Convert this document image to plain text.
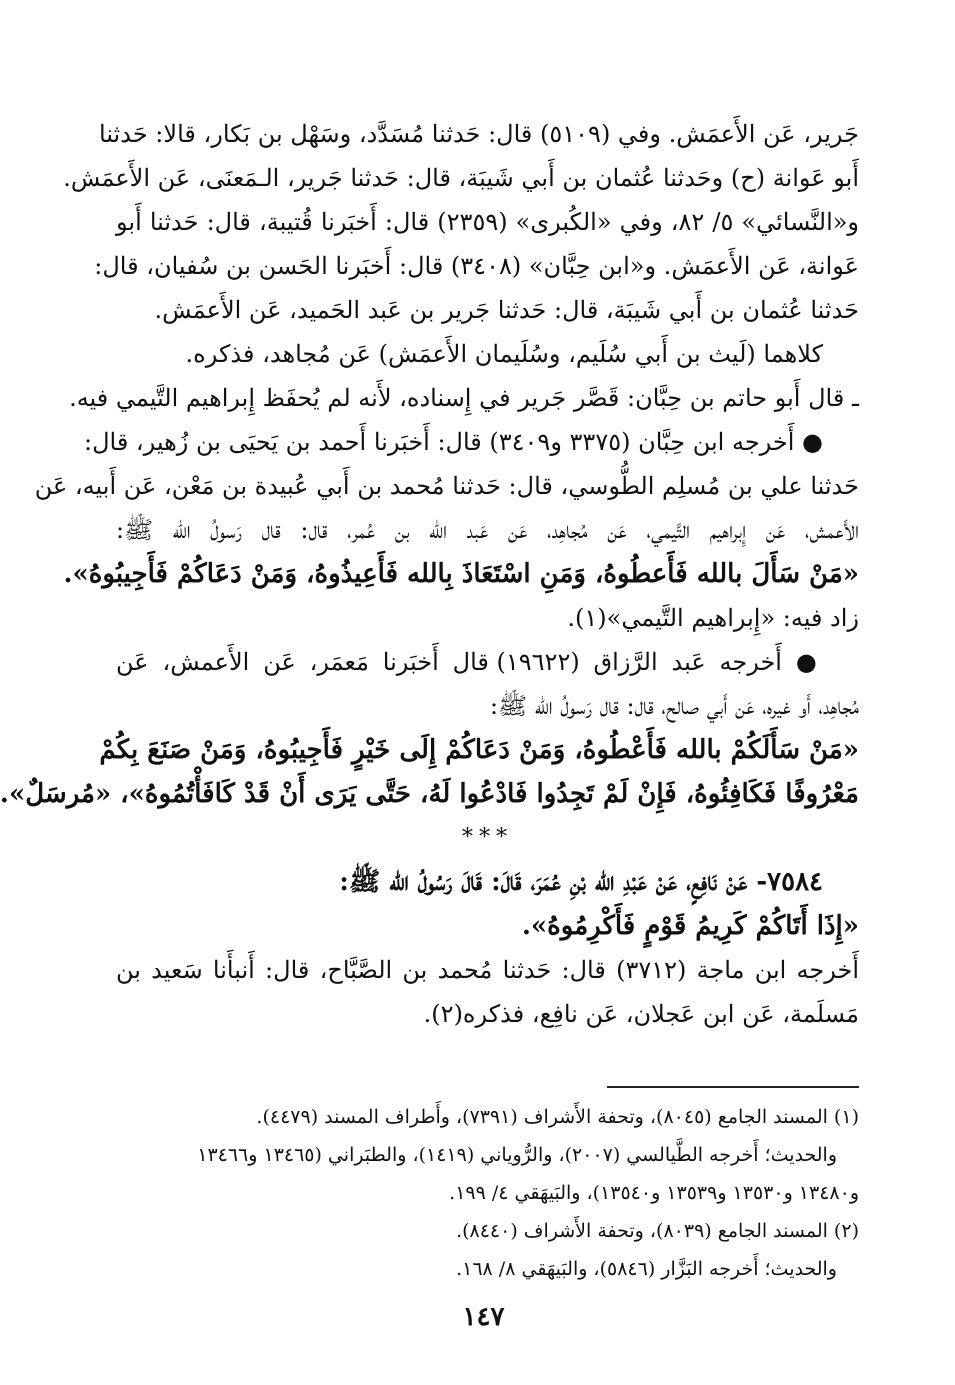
جَرير، عَن الأَعمَش. وفي (٥١٠٩) قال: حَدثنا مُسَدَّد، وسَهْل بن بَكار، قالا: حَدثنا
أَبو عَوانة (ح) وحَدثنا عُثمان بن أَبي شَيبَة، قال: حَدثنا جَرير، الـمَعنَى، عَن الأَعمَش.
و«النَّسائي» ٥/ ٨٢، وفي «الكُبرى» (٢٣٥٩) قال: أَخبَرنا قُتيبة، قال: حَدثنا أَبو
عَوانة، عَن الأَعمَش. و«ابن حِبَّان» (٣٤٠٨) قال: أَخبَرنا الحَسن بن سُفيان، قال:
حَدثنا عُثمان بن أَبي شَيبَة، قال: حَدثنا جَرير بن عَبد الحَميد، عَن الأَعمَش.
كلاهما (لَيث بن أَبي سُلَيم، وسُلَيمان الأَعمَش) عَن مُجاهد، فذكره.
ـ قال أَبو حاتم بن حِبَّان: قَصَّر جَرير في إِسناده، لأَنه لم يُحفَظ إِبراهيم التَّيمي فيه.
● أَخرجه ابن حِبَّان (٣٣٧٥ و٣٤٠٩) قال: أَخبَرنا أَحمد بن يَحيَى بن زُهير، قال:
حَدثنا علي بن مُسلِم الطُّوسي، قال: حَدثنا مُحمد بن أَبي عُبيدة بن مَعْن، عَن أَبيه، عَن
الأَعمش، عَن إِبراهيم التَّيمي، عَن مُجاهِد، عَن عَبد الله بن عُمر، قال: قال رَسولُ الله ﷺ:
«مَنْ سَأَلَ بالله فَأَعطُوهُ، وَمَنِ اسْتَعَاذَ بِالله فَأَعِيذُوهُ، وَمَنْ دَعَاكُمْ فَأَجِيبُوهُ».
زاد فيه: «إِبراهيم التَّيمي»(١).
● أَخرجه عَبد الرَّزاق (١٩٦٢٢) قال أَخبَرنا مَعمَر، عَن الأَعمش، عَن
مُجاهِد، أَو غيره، عَن أَبي صالح، قال: قال رَسولُ الله ﷺ:
«مَنْ سَأَلَكُمْ بالله فَأَعْطُوهُ، وَمَنْ دَعَاكُمْ إِلَى خَيْرٍ فَأَجِيبُوهُ، وَمَنْ صَنَعَ بِكُمْ
مَعْرُوفًا فَكَافِئُوهُ، فَإِنْ لَمْ تَجِدُوا فَادْعُوا لَهُ، حَتَّى يَرَى أَنْ قَدْ كَافَأْتُمُوهُ»، «مُرسَلٌ».
***
٧٥٨٤- عَنْ نَافِعٍ، عَنْ عَبْدِ الله بْنِ عُمَرَ، قَالَ: قَالَ رَسُولُ الله ﷺ:
«إِذَا أَتَاكُمْ كَرِيمُ قَوْمٍ فَأَكْرِمُوهُ».
أَخرجه ابن ماجة (٣٧١٢) قال: حَدثنا مُحمد بن الصَّبَّاح، قال: أَنبأَنا سَعيد بن
مَسلَمة، عَن ابن عَجلان، عَن نافِع، فذكره(٢).
(١) المسند الجامع (٨٠٤٥)، وتحفة الأَشراف (٧٣٩١)، وأَطراف المسند (٤٤٧٩).
والحديث؛ أَخرجه الطَّيالسي (٢٠٠٧)، والرُّوياني (١٤١٩)، والطبَراني (١٣٤٦٥ و١٣٤٦٦
و١٣٤٨٠ و١٣٥٣٠ و١٣٥٣٩ و١٣٥٤٠)، والبَيهَقي ٤/ ١٩٩.
(٢) المسند الجامع (٨٠٣٩)، وتحفة الأَشراف (٨٤٤٠).
والحديث؛ أَخرجه البَزَّار (٥٨٤٦)، والبَيهَقي ٨/ ١٦٨.
١٤٧
